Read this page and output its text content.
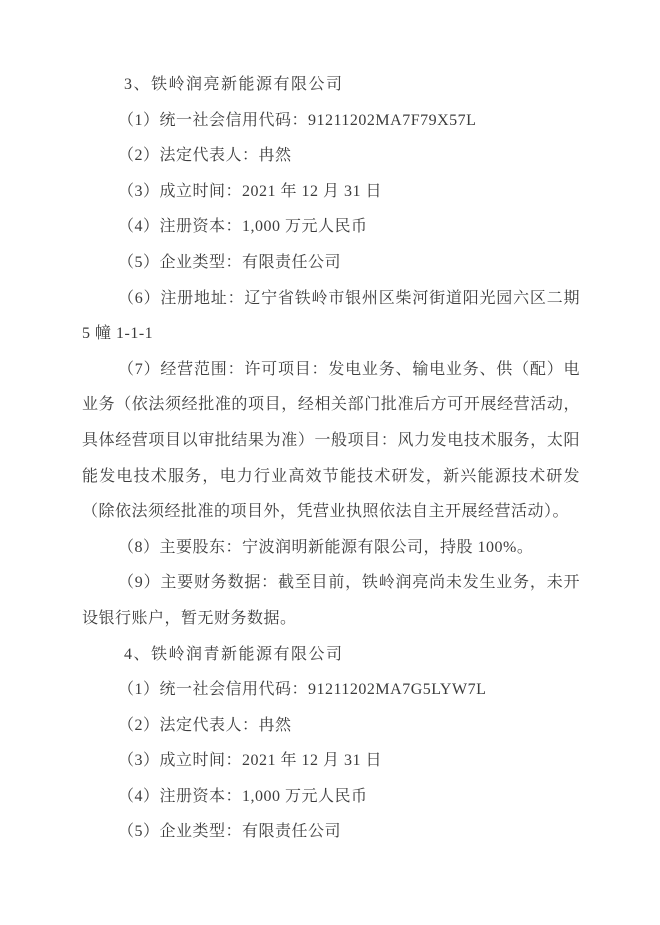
3、铁岭润亮新能源有限公司

（1）统一社会信用代码：91211202MA7F79X57L

（2）法定代表人：冉然

（3）成立时间：2021 年 12 月 31 日

（4）注册资本：1,000 万元人民币

（5）企业类型：有限责任公司

（6）注册地址：辽宁省铁岭市银州区柴河街道阳光园六区二期 5 幢 1-1-1

（7）经营范围：许可项目：发电业务、输电业务、供（配）电业务（依法须经批准的项目，经相关部门批准后方可开展经营活动，具体经营项目以审批结果为准）一般项目：风力发电技术服务，太阳能发电技术服务，电力行业高效节能技术研发，新兴能源技术研发（除依法须经批准的项目外，凭营业执照依法自主开展经营活动）。

（8）主要股东：宁波润明新能源有限公司，持股 100%。

（9）主要财务数据：截至目前，铁岭润亮尚未发生业务，未开设银行账户，暂无财务数据。

4、铁岭润青新能源有限公司

（1）统一社会信用代码：91211202MA7G5LYW7L

（2）法定代表人：冉然

（3）成立时间：2021 年 12 月 31 日

（4）注册资本：1,000 万元人民币

（5）企业类型：有限责任公司
